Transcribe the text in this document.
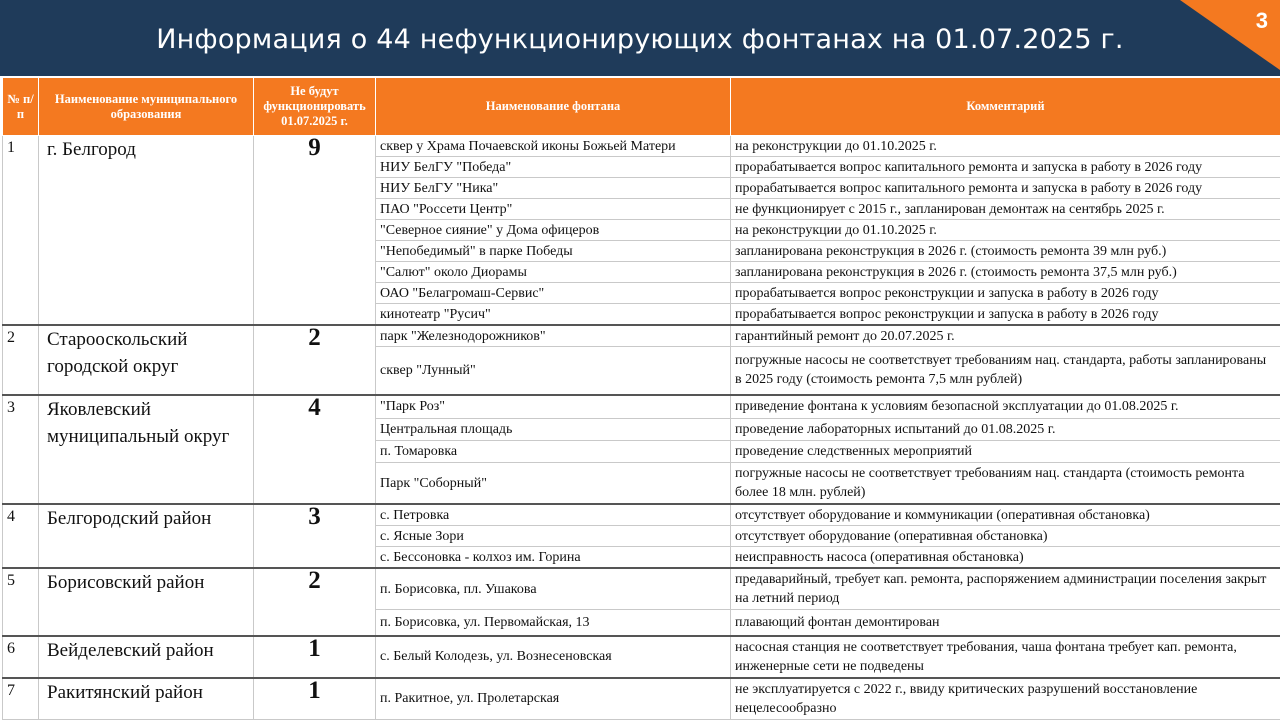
Информация о 44 нефункционирующих фонтанах на 01.07.2025 г.
3
№ п/п	Наименование муниципального образования	Не будут функционировать 01.07.2025 г.	Наименование фонтана	Комментарий
1	г. Белгород	9	сквер у Храма Почаевской иконы Божьей Матери	на реконструкции до 01.10.2025 г.
			НИУ БелГУ "Победа"	прорабатывается вопрос капитального ремонта и запуска в работу в 2026 году
			НИУ БелГУ "Ника"	прорабатывается вопрос капитального ремонта и запуска в работу в 2026 году
			ПАО "Россети Центр"	не функционирует с 2015 г., запланирован демонтаж на сентябрь 2025 г.
			"Северное сияние" у Дома офицеров	на реконструкции до 01.10.2025 г.
			"Непобедимый" в парке Победы	запланирована реконструкция в 2026 г. (стоимость ремонта 39 млн руб.)
			"Салют" около Диорамы	запланирована реконструкция в 2026 г. (стоимость ремонта 37,5 млн руб.)
			ОАО "Белагромаш-Сервис"	прорабатывается вопрос реконструкции и запуска в работу в 2026 году
			кинотеатр "Русич"	прорабатывается вопрос реконструкции и запуска в работу в 2026 году
2	Старооскольский городской округ	2	парк "Железнодорожников"	гарантийный ремонт до 20.07.2025 г.
			сквер "Лунный"	погружные насосы не соответствует требованиям нац. стандарта, работы запланированы в 2025 году (стоимость ремонта 7,5 млн рублей)
3	Яковлевский муниципальный округ	4	"Парк Роз"	приведение фонтана к условиям безопасной эксплуатации до 01.08.2025 г.
			Центральная площадь	проведение лабораторных испытаний до 01.08.2025 г.
			п. Томаровка	проведение следственных мероприятий
			Парк "Соборный"	погружные насосы не соответствует требованиям нац. стандарта (стоимость ремонта более 18 млн. рублей)
4	Белгородский район	3	с. Петровка	отсутствует оборудование и коммуникации (оперативная обстановка)
			с. Ясные Зори	отсутствует оборудование (оперативная обстановка)
			с. Бессоновка - колхоз им. Горина	неисправность насоса (оперативная обстановка)
5	Борисовский район	2	п. Борисовка, пл. Ушакова	предаварийный, требует кап. ремонта, распоряжением администрации поселения закрыт на летний период
			п. Борисовка, ул. Первомайская, 13	плавающий фонтан демонтирован
6	Вейделевский район	1	с. Белый Колодезь, ул. Вознесеновская	насосная станция не соответствует требования, чаша фонтана требует кап. ремонта, инженерные сети не подведены
7	Ракитянский район	1	п. Ракитное, ул. Пролетарская	не эксплуатируется с 2022 г., ввиду критических разрушений восстановление нецелесообразно
